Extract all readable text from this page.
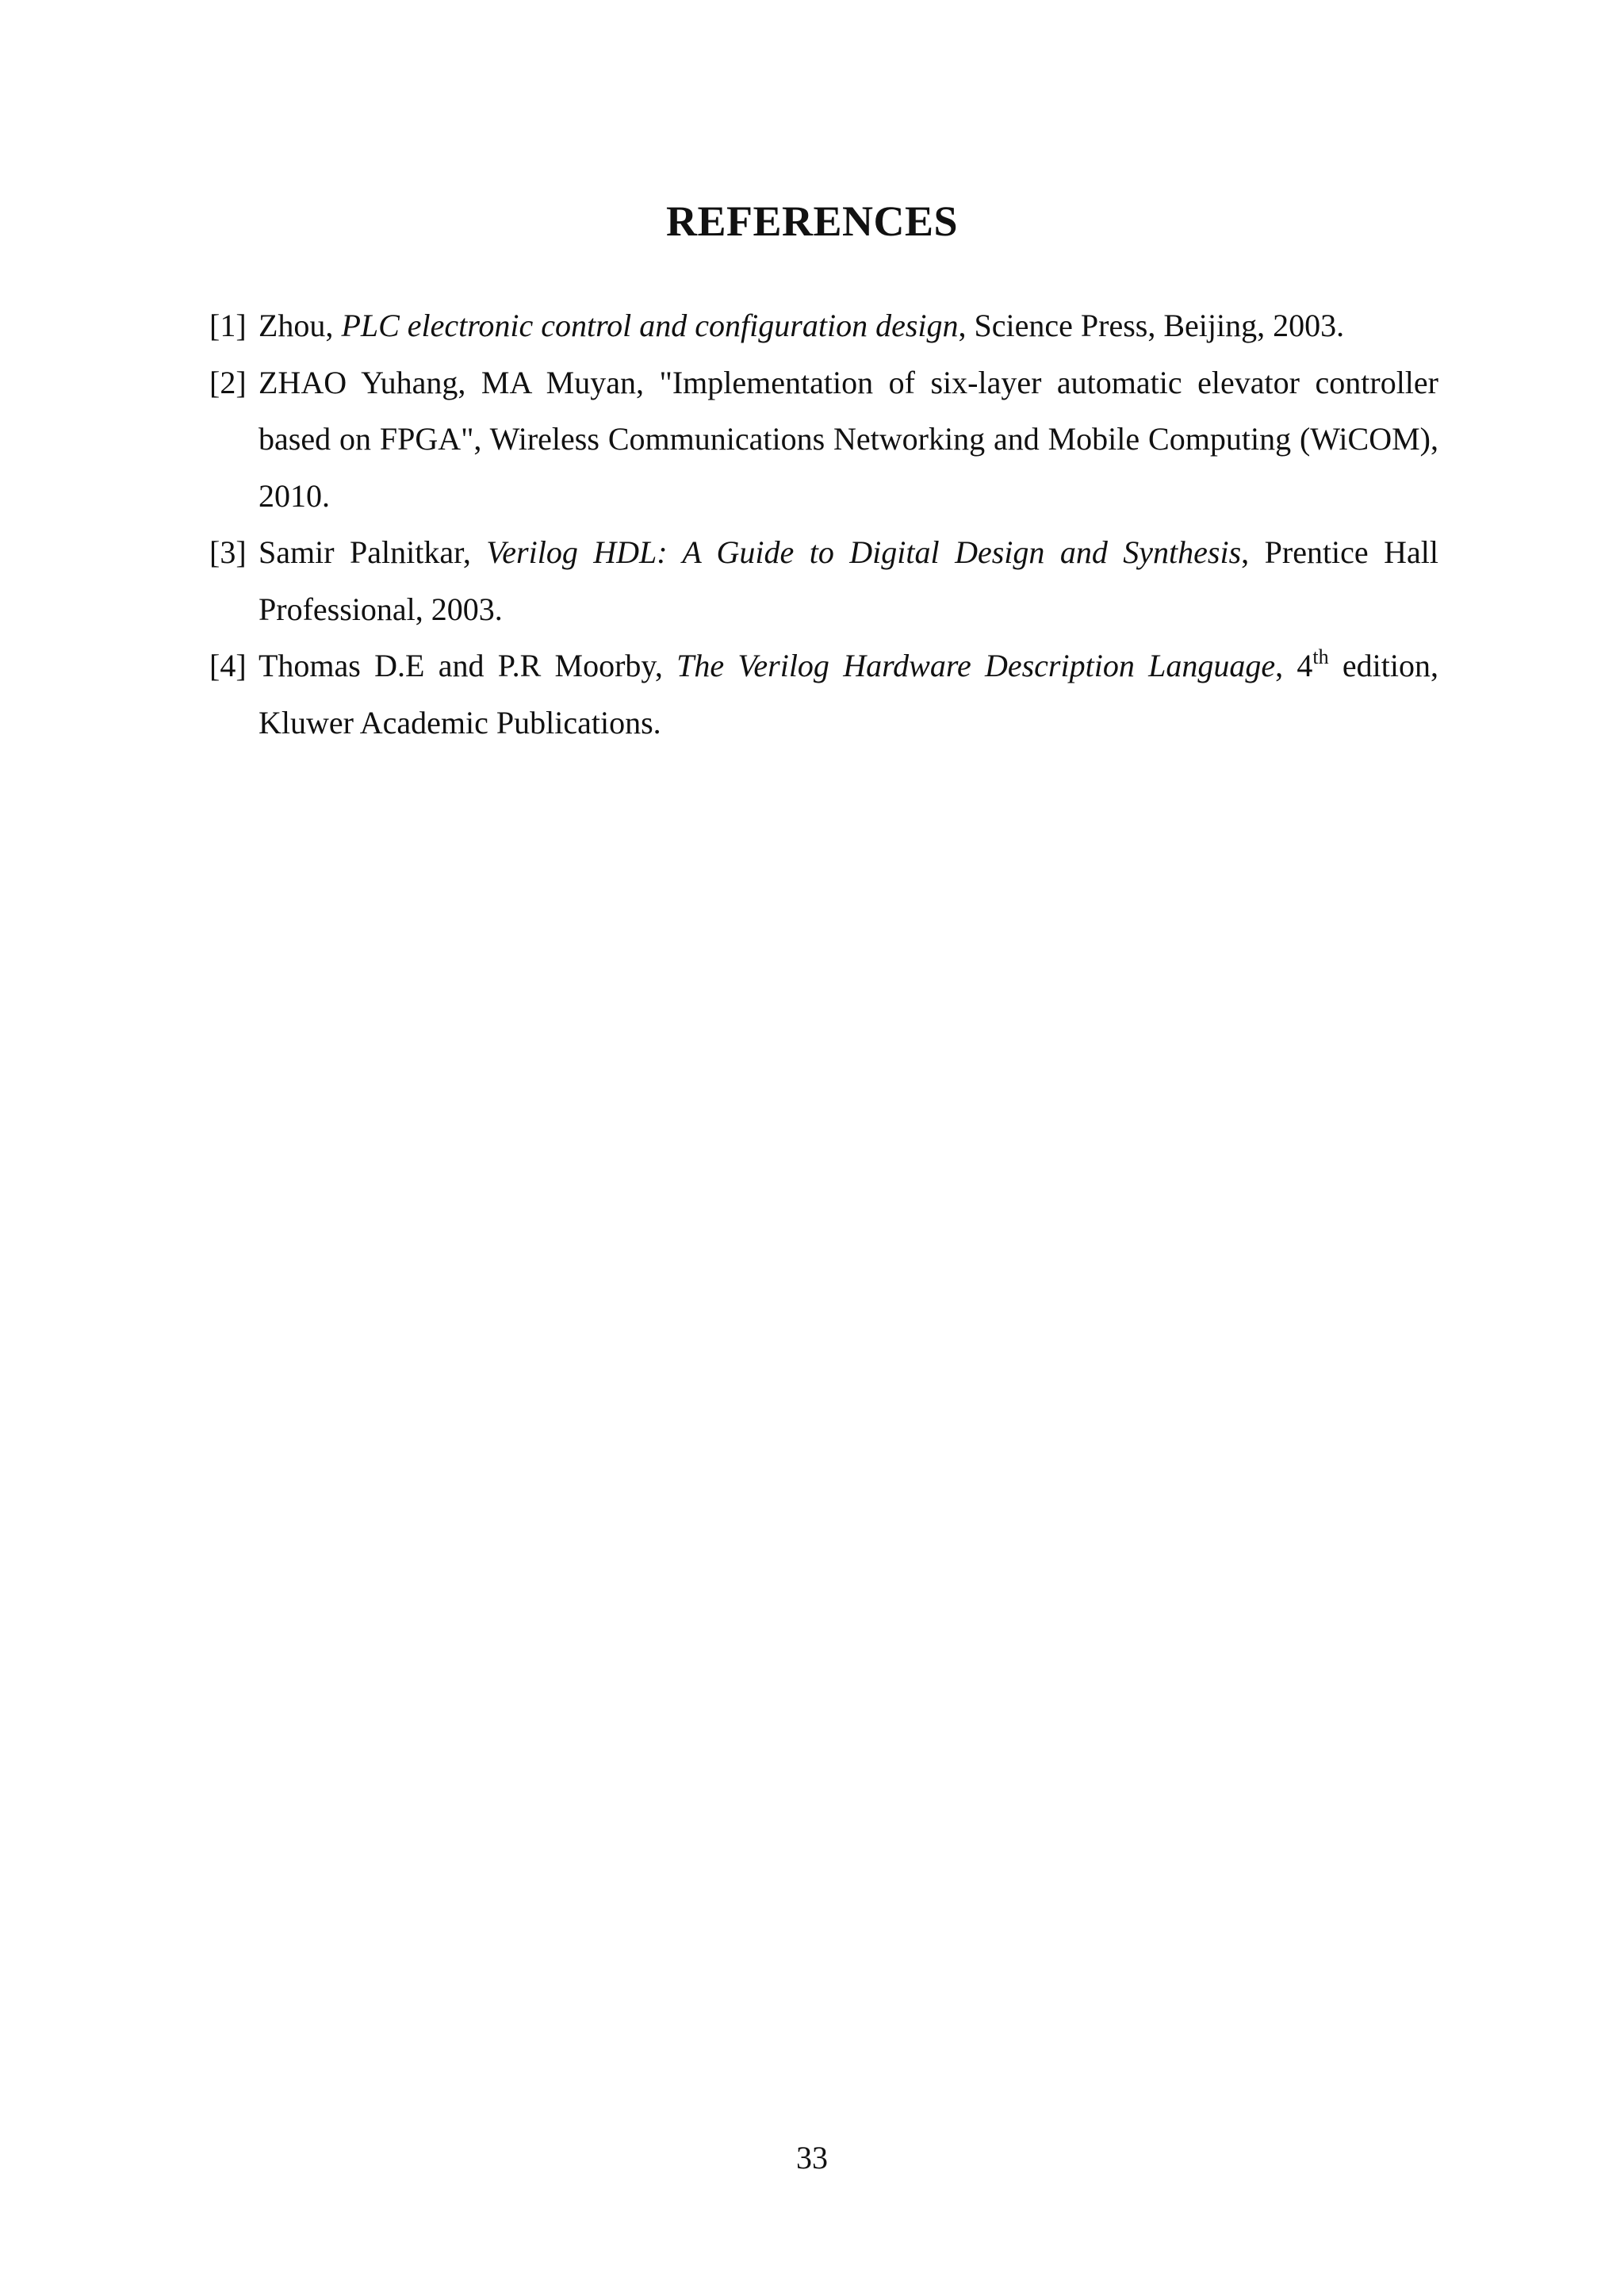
REFERENCES
[1] Zhou, PLC electronic control and configuration design, Science Press, Beijing, 2003.
[2] ZHAO Yuhang, MA Muyan, "Implementation of six-layer automatic elevator controller based on FPGA", Wireless Communications Networking and Mobile Computing (WiCOM), 2010.
[3] Samir Palnitkar, Verilog HDL: A Guide to Digital Design and Synthesis, Prentice Hall Professional, 2003.
[4] Thomas D.E and P.R Moorby, The Verilog Hardware Description Language, 4th edition, Kluwer Academic Publications.
33
